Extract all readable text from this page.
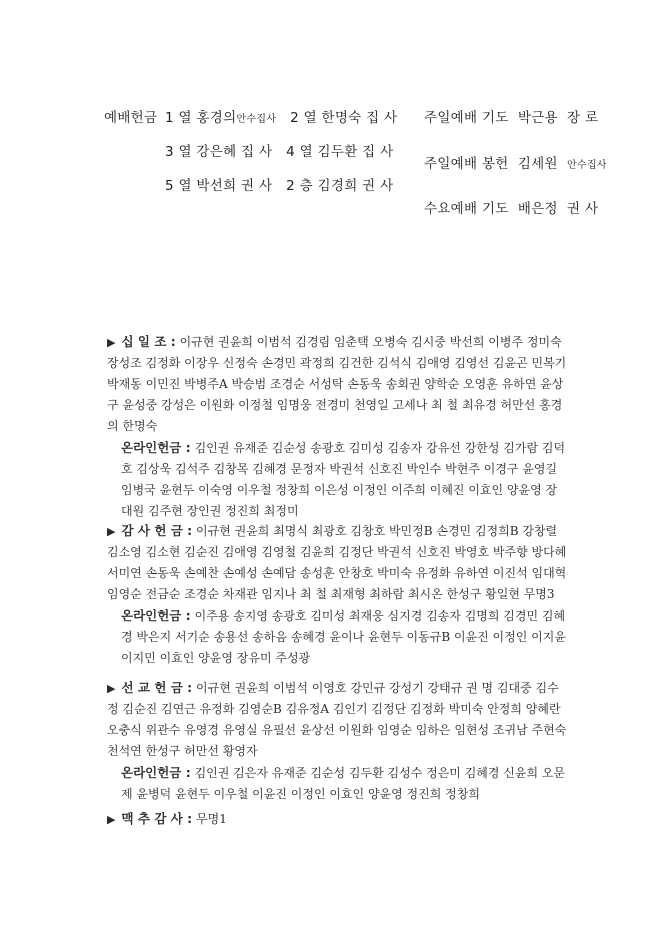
예배헌금 1 열 홍경의안수집사 2 열 한명숙 집 사
3 열 강은혜 집 사 4 열 김두환 집 사
5 열 박선희 권 사 2 층 김경희 권 사
주일예배 기도 박근용 장 로
주일예배 봉헌 김세원 안수집사
수요예배 기도 배은정 권 사

▶ 십 일 조 : 이규현 권윤희 이범석 김경림 임춘택 오병숙 김시중 박선희 이병주 정미숙 장성조 김정화 이장우 신정숙 손경민 곽정희 김건한 김석식 김애영 김영선 김윤곤 민복기 박재동 이민진 박병주A 박승범 조경순 서성탁 손동욱 송회권 양학순 오영훈 유하연 윤상구 윤성중 강성은 이원화 이정철 임명웅 전경미 천영일 고세나 최 철 최유경 허만선 홍경의 한명숙

온라인헌금 : 김인권 유재준 김순성 송광호 김미성 김송자 강유선 강한성 김가람 김덕호 김상욱 김석주 김창목 김혜경 문정자 박권석 신호진 박인수 박현주 이경구 윤영길 임병국 윤현두 이숙영 이우철 정창희 이은성 이정인 이주희 이혜진 이효인 양윤영 장대원 김주현 장인권 정진희 최정미

▶ 감 사 헌 금 : 이규현 권윤희 최명식 최광호 김창호 박민정B 손경민 김정희B 강창렬 김소영 김소현 김순진 김애영 김영철 김윤희 김정단 박권석 신호진 박영호 박주향 방다혜 서미연 손동욱 손예찬 손예성 손예담 송성훈 안창호 박미숙 유정화 유하연 이진석 임대혁 임영순 전금순 조경순 차재관 임지나 최 철 최재형 최하람 최시온 한성구 황일현 무명3

온라인헌금 : 이주용 송지영 송광호 김미성 최재웅 심지경 김송자 김명희 김경민 김혜경 박은지 서기순 송용선 송하음 송혜경 윤이나 윤현두 이동규B 이윤진 이정인 이지윤 이지민 이효인 양윤영 장유미 주성광

▶ 선 교 헌 금 : 이규현 권윤희 이범석 이영호 강민규 강성기 강태규 권 명 김대중 김수정 김순진 김연근 유정화 김영순B 김유정A 김인기 김정단 김정화 박미숙 안정희 양혜란 오충식 위관수 유영경 유영실 유필선 윤상선 이원화 임영순 임하은 임현성 조귀남 주현숙 천석연 한성구 허만선 황영자

온라인헌금 : 김인권 김은자 유재준 김순성 김두환 김성수 정은미 김혜경 신윤희 오문제 윤병덕 윤현두 이우철 이윤진 이정인 이효인 양윤영 정진희 정창희

▶ 맥 추 감 사 : 무명1
